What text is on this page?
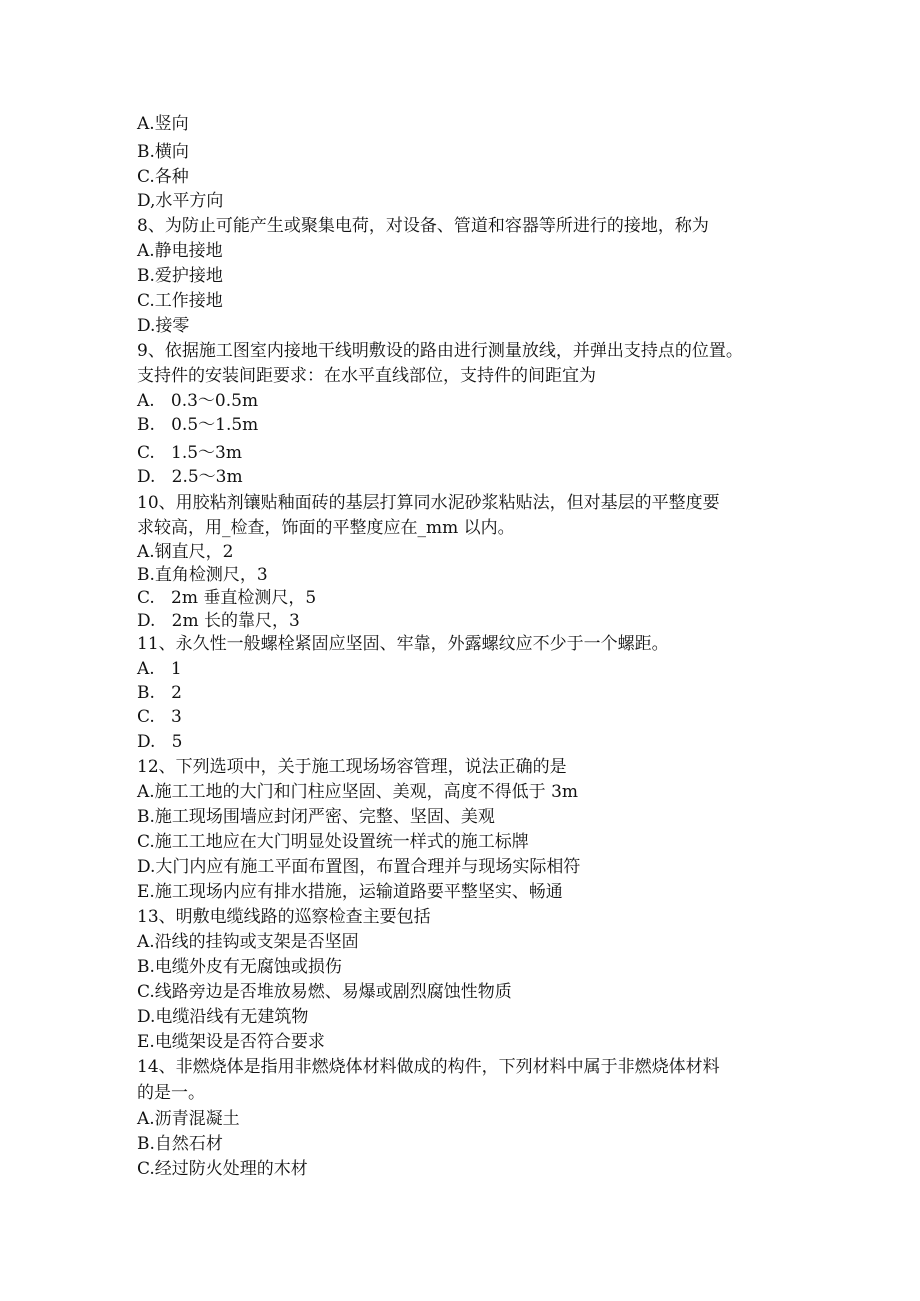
A.竖向

B.横向

C.各种

D,水平方向

8、为防止可能产生或聚集电荷，对设备、管道和容器等所进行的接地，称为

A.静电接地

B.爱护接地

C.工作接地

D.接零

9、依据施工图室内接地干线明敷设的路由进行测量放线，并弹出支持点的位置。

支持件的安装间距要求：在水平直线部位，支持件的间距宜为

A.   0.3～0.5m

B.   0.5～1.5m

C.   1.5～3m

D.   2.5～3m

10、用胶粘剂镶贴釉面砖的基层打算同水泥砂浆粘贴法，但对基层的平整度要

求较高，用_检查，饰面的平整度应在_mm 以内。

A.钢直尺，2

B.直角检测尺，3

C.   2m 垂直检测尺，5

D.   2m 长的靠尺，3

11、永久性一般螺栓紧固应坚固、牢靠，外露螺纹应不少于一个螺距。

A.   1

B.   2

C.   3

D.   5

12、下列选项中，关于施工现场场容管理，说法正确的是

A.施工工地的大门和门柱应坚固、美观，高度不得低于 3m

B.施工现场围墙应封闭严密、完整、坚固、美观

C.施工工地应在大门明显处设置统一样式的施工标牌

D.大门内应有施工平面布置图，布置合理并与现场实际相符

E.施工现场内应有排水措施，运输道路要平整坚实、畅通

13、明敷电缆线路的巡察检查主要包括

A.沿线的挂钩或支架是否坚固

B.电缆外皮有无腐蚀或损伤

C.线路旁边是否堆放易燃、易爆或剧烈腐蚀性物质

D.电缆沿线有无建筑物

E.电缆架设是否符合要求

14、非燃烧体是指用非燃烧体材料做成的构件，下列材料中属于非燃烧体材料

的是一。

A.沥青混凝土

B.自然石材

C.经过防火处理的木材
